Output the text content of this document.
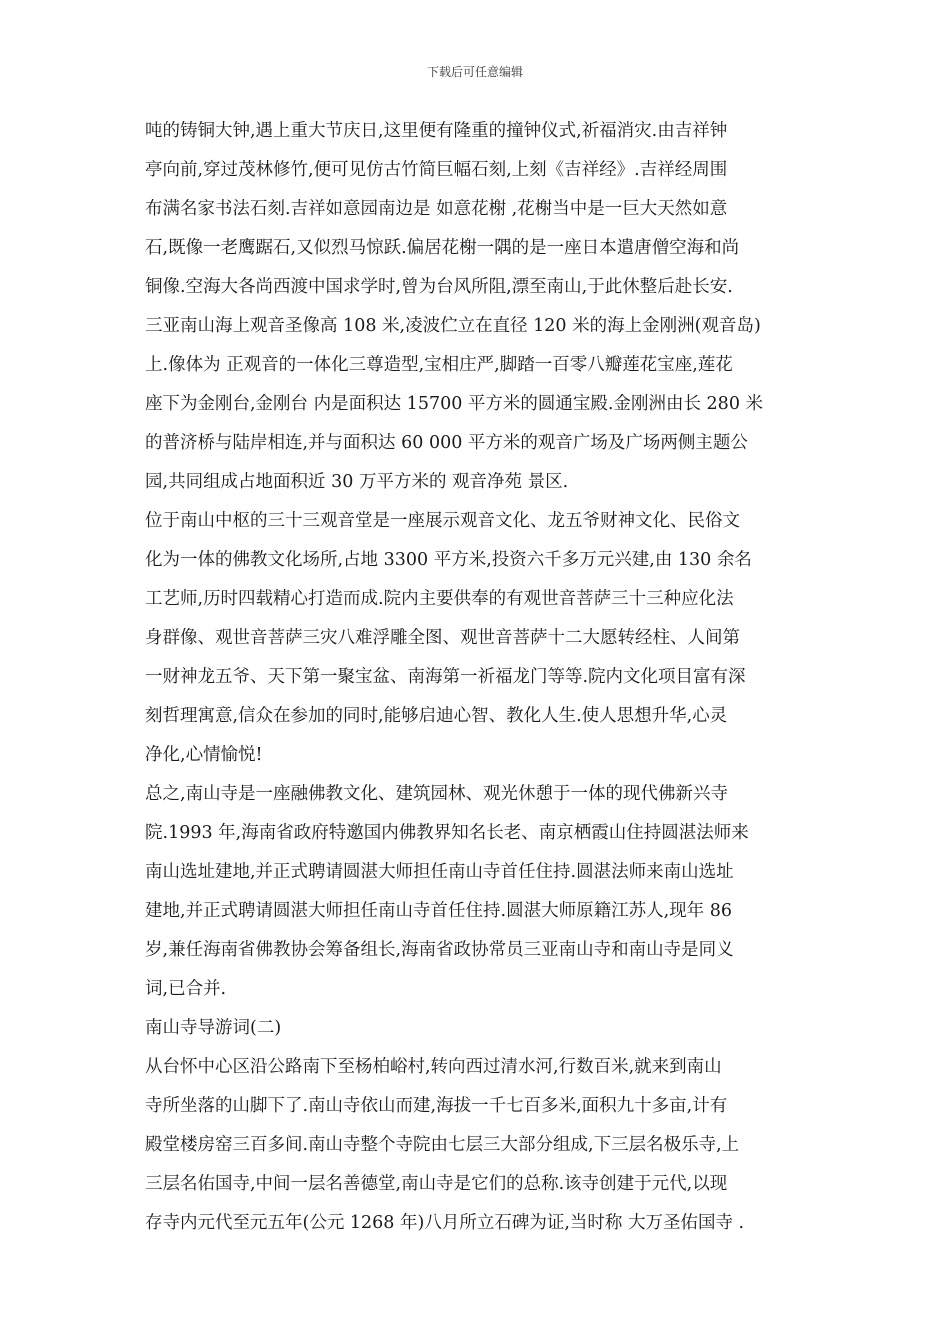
下载后可任意编辑
吨的铸铜大钟,遇上重大节庆日,这里便有隆重的撞钟仪式,祈福消灾.由吉祥钟
亭向前,穿过茂林修竹,便可见仿古竹简巨幅石刻,上刻《吉祥经》.吉祥经周围
布满名家书法石刻.吉祥如意园南边是 如意花榭 ,花榭当中是一巨大天然如意
石,既像一老鹰踞石,又似烈马惊跃.偏居花榭一隅的是一座日本遣唐僧空海和尚
铜像.空海大各尚西渡中国求学时,曾为台风所阻,漂至南山,于此休整后赴长安.
三亚南山海上观音圣像高 108 米,凌波伫立在直径 120 米的海上金刚洲(观音岛)
上.像体为 正观音的一体化三尊造型,宝相庄严,脚踏一百零八瓣莲花宝座,莲花
座下为金刚台,金刚台 内是面积达 15700 平方米的圆通宝殿.金刚洲由长 280 米
的普济桥与陆岸相连,并与面积达 60 000 平方米的观音广场及广场两侧主题公
园,共同组成占地面积近 30 万平方米的 观音净苑 景区.
位于南山中枢的三十三观音堂是一座展示观音文化、龙五爷财神文化、民俗文
化为一体的佛教文化场所,占地 3300 平方米,投资六千多万元兴建,由 130 余名
工艺师,历时四载精心打造而成.院内主要供奉的有观世音菩萨三十三种应化法
身群像、观世音菩萨三灾八难浮雕全图、观世音菩萨十二大愿转经柱、人间第
一财神龙五爷、天下第一聚宝盆、南海第一祈福龙门等等.院内文化项目富有深
刻哲理寓意,信众在参加的同时,能够启迪心智、教化人生.使人思想升华,心灵
净化,心情愉悦!
总之,南山寺是一座融佛教文化、建筑园林、观光休憩于一体的现代佛新兴寺
院.1993 年,海南省政府特邀国内佛教界知名长老、南京栖霞山住持圆湛法师来
南山选址建地,并正式聘请圆湛大师担任南山寺首任住持.圆湛法师来南山选址
建地,并正式聘请圆湛大师担任南山寺首任住持.圆湛大师原籍江苏人,现年 86
岁,兼任海南省佛教协会筹备组长,海南省政协常员三亚南山寺和南山寺是同义
词,已合并.
南山寺导游词(二)
从台怀中心区沿公路南下至杨柏峪村,转向西过清水河,行数百米,就来到南山
寺所坐落的山脚下了.南山寺依山而建,海拔一千七百多米,面积九十多亩,计有
殿堂楼房窑三百多间.南山寺整个寺院由七层三大部分组成,下三层名极乐寺,上
三层名佑国寺,中间一层名善德堂,南山寺是它们的总称.该寺创建于元代,以现
存寺内元代至元五年(公元 1268 年)八月所立石碑为证,当时称 大万圣佑国寺 .
